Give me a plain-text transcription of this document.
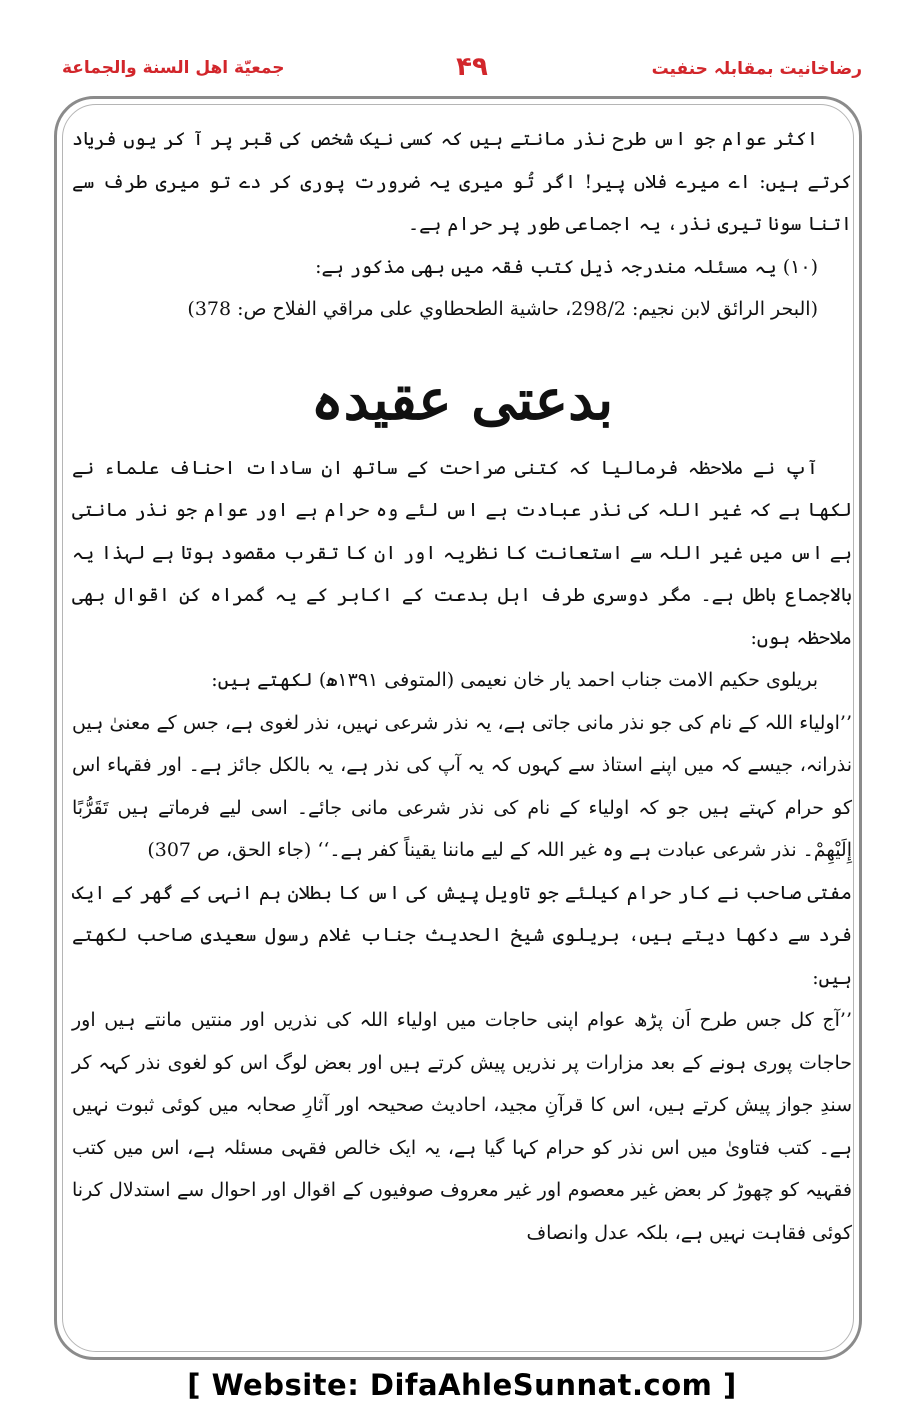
رضاخانیت بمقابلہ حنفیت
۴۹
جمعيّة اهل السنة والجماعة

اکثر عوام جو اس طرح نذر مانتے ہیں کہ کسی نیک شخص کی قبر پر آ کر یوں فریاد کرتے ہیں: اے میرے فلاں پیر! اگر تُو میری یہ ضرورت پوری کر دے تو میری طرف سے اتنا سونا تیری نذر، یہ اجماعی طور پر حرام ہے۔

(۱۰) یہ مسئلہ مندرجہ ذیل کتب فقہ میں بھی مذکور ہے:

(البحر الرائق لابن نجیم: 298/2، حاشية الطحطاوي على مراقي الفلاح ص: 378)

بدعتی عقیدہ

آپ نے ملاحظہ فرمالیا کہ کتنی صراحت کے ساتھ ان سادات احناف علماء نے لکھا ہے کہ غیر اللہ کی نذر عبادت ہے اس لئے وہ حرام ہے اور عوام جو نذر مانتی ہے اس میں غیر اللہ سے استعانت کا نظریہ اور ان کا تقرب مقصود ہوتا ہے لہذا یہ بالاجماع باطل ہے۔ مگر دوسری طرف اہل بدعت کے اکابر کے یہ گمراہ کن اقوال بھی ملاحظہ ہوں:

بریلوی حکیم الامت جناب احمد یار خان نعیمی (المتوفی ۱۳۹۱ھ) لکھتے ہیں:

’’اولیاء اللہ کے نام کی جو نذر مانی جاتی ہے، یہ نذر شرعی نہیں، نذر لغوی ہے، جس کے معنیٰ ہیں نذرانہ، جیسے کہ میں اپنے استاذ سے کہوں کہ یہ آپ کی نذر ہے، یہ بالکل جائز ہے۔ اور فقہاء اس کو حرام کہتے ہیں جو کہ اولیاء کے نام کی نذر شرعی مانی جائے۔ اسی لیے فرماتے ہیں تَقَرُّبًا إِلَيْهِمْ۔ نذر شرعی عبادت ہے وہ غیر اللہ کے لیے ماننا یقیناً کفر ہے۔‘‘ (جاء الحق، ص 307)

مفتی صاحب نے کار حرام کیلئے جو تاویل پیش کی اس کا بطلان ہم انہی کے گھر کے ایک فرد سے دکھا دیتے ہیں، بریلوی شیخ الحدیث جناب غلام رسول سعیدی صاحب لکھتے ہیں:

’’آج کل جس طرح اَن پڑھ عوام اپنی حاجات میں اولیاء اللہ کی نذریں اور منتیں مانتے ہیں اور حاجات پوری ہونے کے بعد مزارات پر نذریں پیش کرتے ہیں اور بعض لوگ اس کو لغوی نذر کہہ کر سندِ جواز پیش کرتے ہیں، اس کا قرآنِ مجید، احادیث صحیحہ اور آثارِ صحابہ میں کوئی ثبوت نہیں ہے۔ کتب فتاویٰ میں اس نذر کو حرام کہا گیا ہے، یہ ایک خالص فقہی مسئلہ ہے، اس میں کتب فقہیہ کو چھوڑ کر بعض غیر معصوم اور غیر معروف صوفیوں کے اقوال اور احوال سے استدلال کرنا کوئی فقاہت نہیں ہے، بلکہ عدل وانصاف

[ Website: DifaAhleSunnat.com ]
